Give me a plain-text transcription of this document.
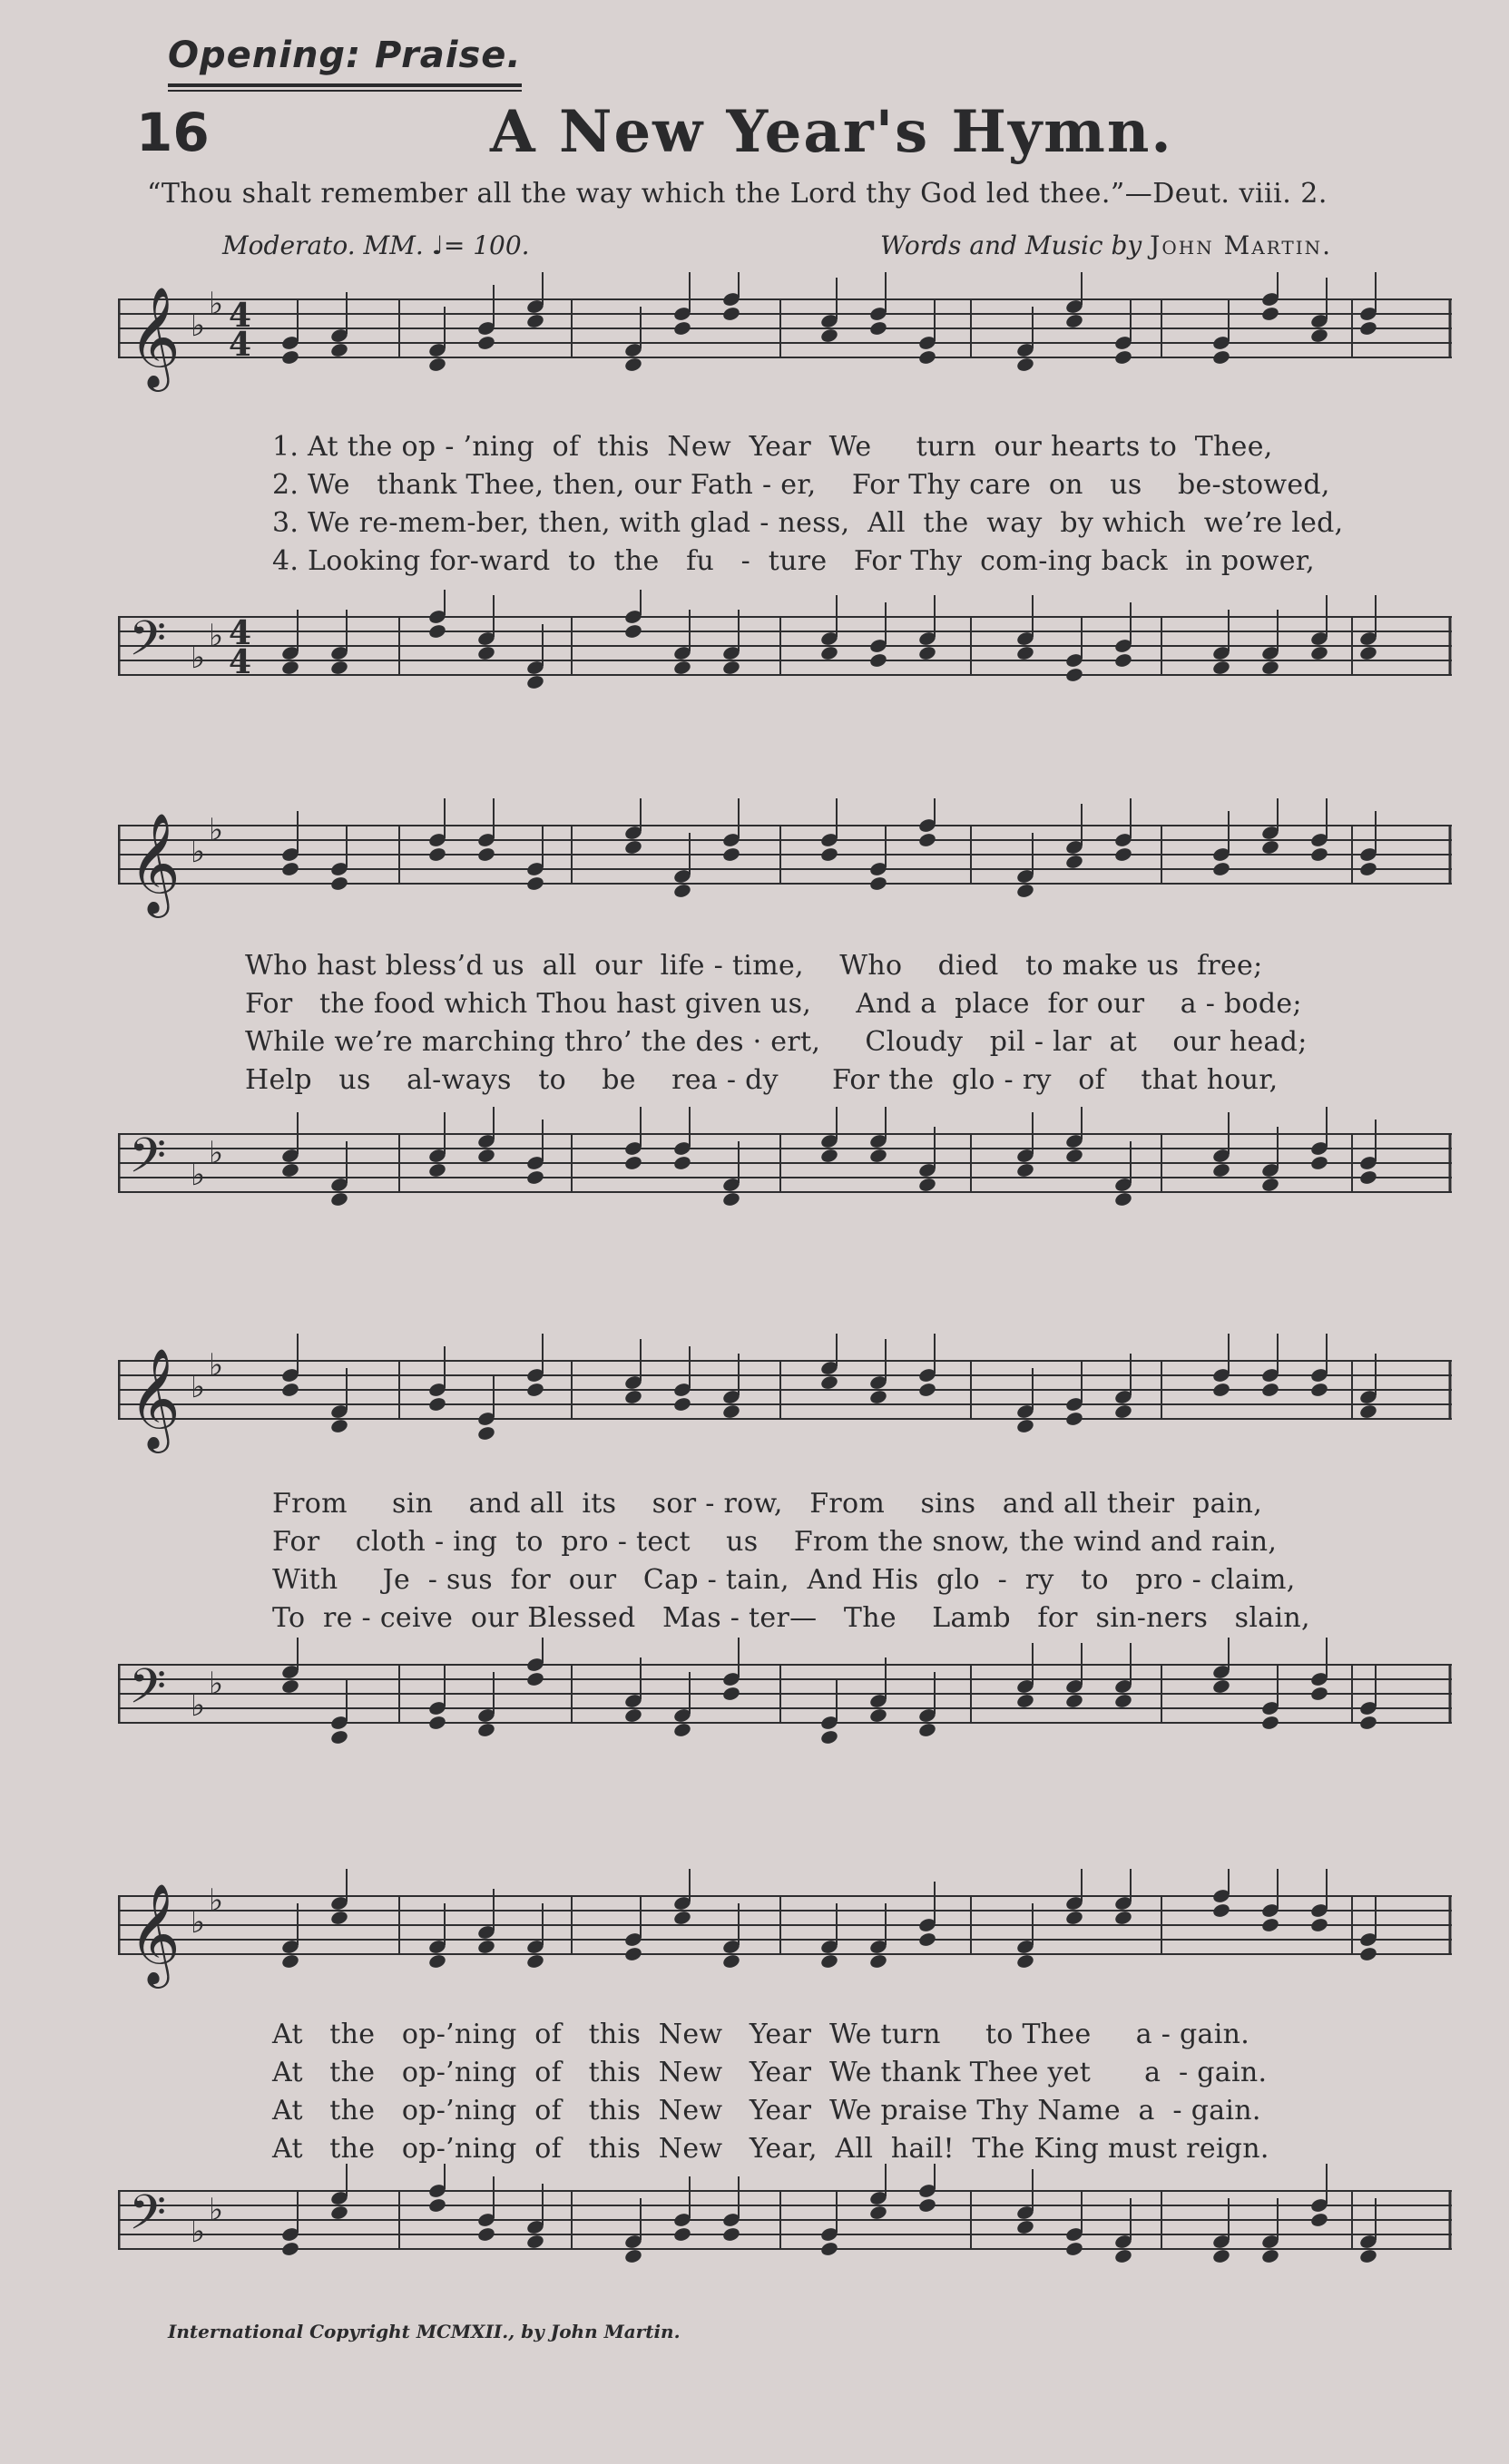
Opening: Praise.
16	A New Year's Hymn.
“Thou shalt remember all the way which the Lord thy God led thee.”—Deut. viii. 2.
Moderato. MM. ♩= 100.	Words and Music by John Martin.
𝄞 ♭
♭ 4
4
1. At the op - ’ning  of  this  New  Year  We     turn  our hearts to  Thee,
2. We   thank Thee, then, our Fath - er,    For Thy care  on   us    be-stowed,
3. We re-mem-ber, then, with glad - ness,  All  the  way  by which  we’re led,
4. Looking for-ward  to  the   fu   -  ture   For Thy  com-ing back  in power,
𝄢 ♭
♭ 4
4
𝄞 ♭
♭
Who hast bless’d us  all  our  life - time,    Who    died   to make us  free;
For   the food which Thou hast given us,     And a  place  for our    a - bode;
While we’re marching thro’ the des · ert,     Cloudy   pil - lar  at    our head;
Help   us    al-ways   to    be    rea - dy      For the  glo - ry   of    that hour,
𝄢 ♭
♭
𝄞 ♭
♭
From     sin    and all  its    sor - row,   From    sins   and all their  pain,
For    cloth - ing  to  pro - tect    us    From the snow, the wind and rain,
With     Je  - sus  for  our   Cap - tain,  And His  glo  -  ry   to   pro - claim,
To  re - ceive  our Blessed   Mas - ter—   The    Lamb   for  sin-ners   slain,
𝄢 ♭
♭
𝄞 ♭
♭
At   the   op-’ning  of   this  New   Year  We turn     to Thee     a - gain.
At   the   op-’ning  of   this  New   Year  We thank Thee yet      a  - gain.
At   the   op-’ning  of   this  New   Year  We praise Thy Name  a  - gain.
At   the   op-’ning  of   this  New   Year,  All  hail!  The King must reign.
𝄢 ♭
♭
International Copyright MCMXII., by John Martin.
